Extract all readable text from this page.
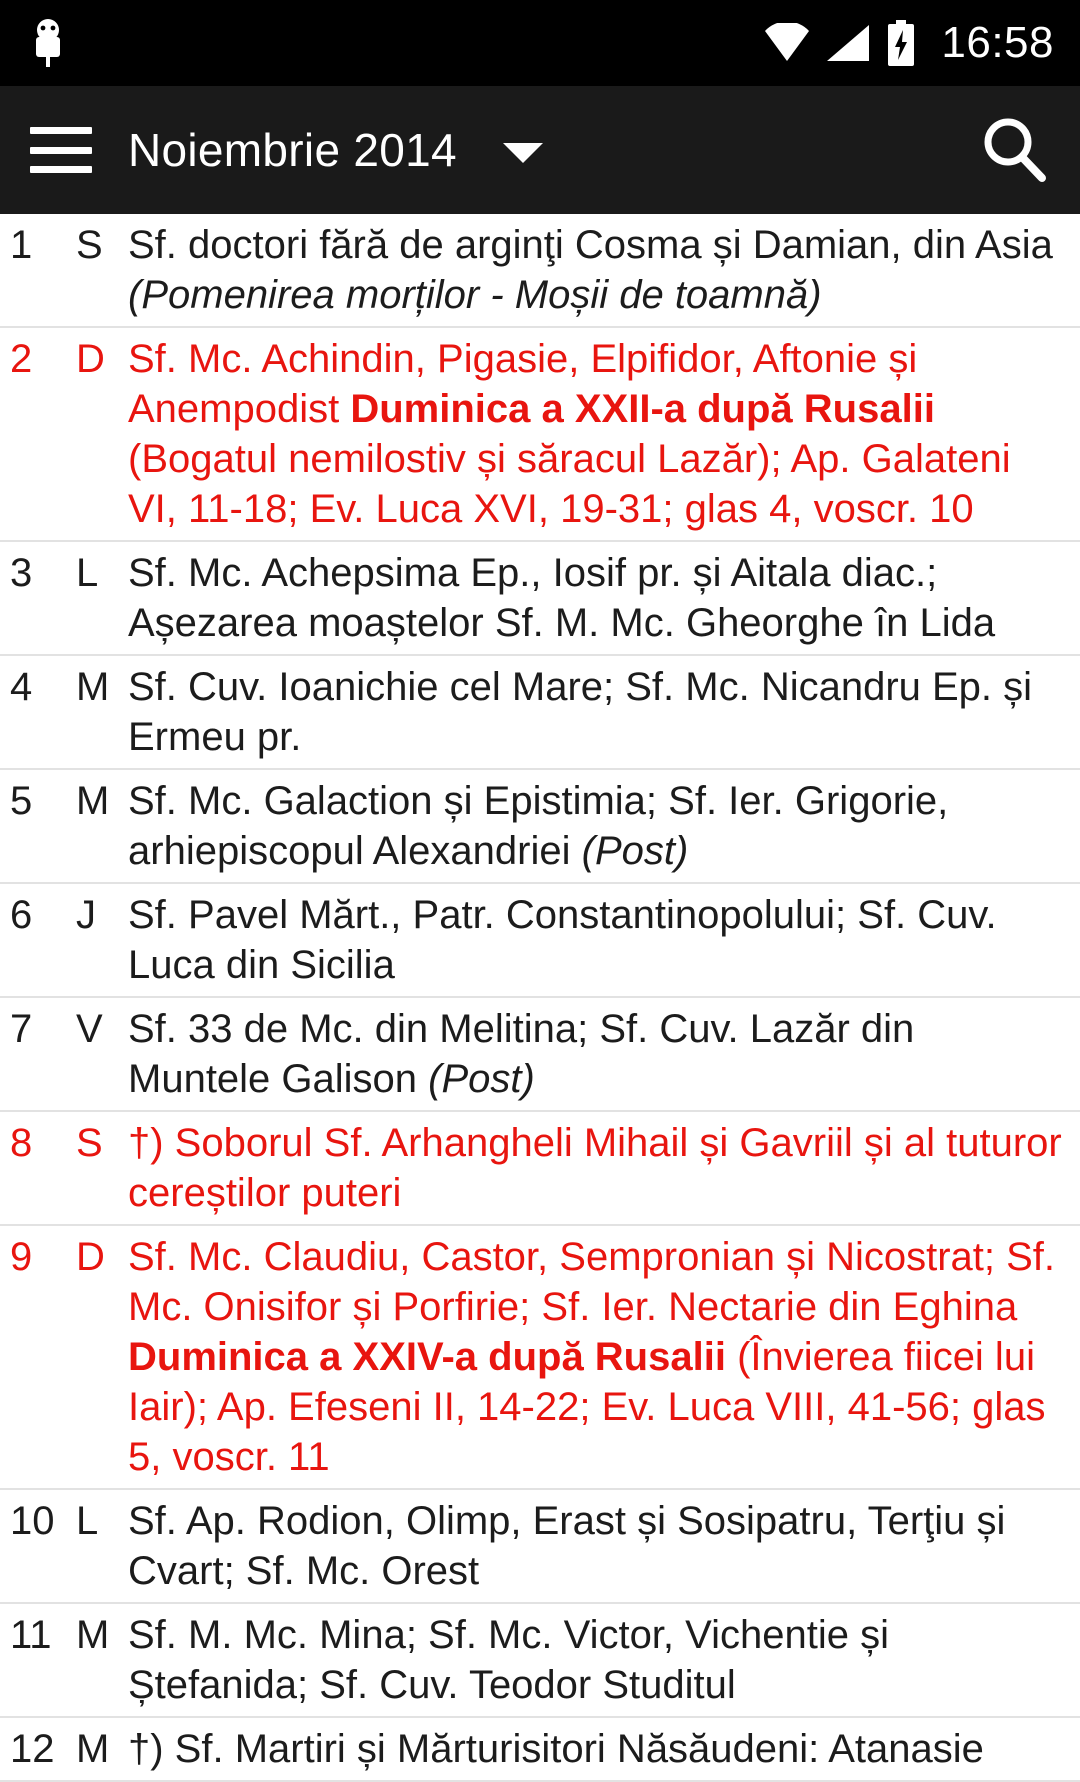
16:58
Noiembrie 2014
1	S Sf. doctori fără de arginţi Cosma și Damian, din Asia (Pomenirea morților - Moșii de toamnă)
2	D Sf. Mc. Achindin, Pigasie, Elpifidor, Aftonie și Anempodist Duminica a XXII-a după Rusalii (Bogatul nemilostiv și săracul Lazăr); Ap. Galateni VI, 11-18; Ev. Luca XVI, 19-31; glas 4, voscr. 10
3	L Sf. Mc. Achepsima Ep., Iosif pr. și Aitala diac.; Așezarea moaștelor Sf. M. Mc. Gheorghe în Lida
4	M Sf. Cuv. Ioanichie cel Mare; Sf. Mc. Nicandru Ep. și Ermeu pr.
5	M Sf. Mc. Galaction și Epistimia; Sf. Ier. Grigorie, arhiepiscopul Alexandriei (Post)
6	J Sf. Pavel Mărt., Patr. Constantinopolului; Sf. Cuv. Luca din Sicilia
7	V Sf. 33 de Mc. din Melitina; Sf. Cuv. Lazăr din Muntele Galison (Post)
8	S †) Soborul Sf. Arhangheli Mihail și Gavriil și al tuturor cereștilor puteri
9	D Sf. Mc. Claudiu, Castor, Sempronian și Nicostrat; Sf. Mc. Onisifor și Porfirie; Sf. Ier. Nectarie din Eghina Duminica a XXIV-a după Rusalii (Învierea fiicei lui Iair); Ap. Efeseni II, 14-22; Ev. Luca VIII, 41-56; glas 5, voscr. 11
10 L Sf. Ap. Rodion, Olimp, Erast și Sosipatru, Terţiu și Cvart; Sf. Mc. Orest
11 M Sf. M. Mc. Mina; Sf. Mc. Victor, Vichentie și Ștefanida; Sf. Cuv. Teodor Studitul
12 M †) Sf. Martiri și Mărturisitori Năsăudeni: Atanasie
